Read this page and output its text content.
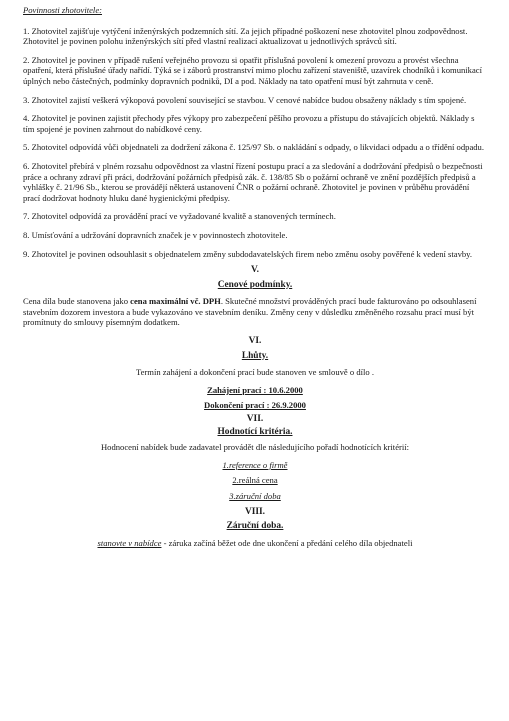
Povinnosti zhotovitele:
1. Zhotovitel zajišťuje vytýčení inženýrských podzemních sítí. Za jejich případné poškození nese zhotovitel plnou zodpovědnost. Zhotovitel je povinen polohu inženýrských sítí před vlastní realizací aktualizovat u jednotlivých správců sítí.
2. Zhotovitel je povinen v případě rušení veřejného provozu si opatřit příslušná povolení k omezení provozu a provést všechna opatření, která příslušné úřady nařídí. Týká se i záborů prostranství mimo plochu zařízení staveniště, uzavírek chodníků i komunikací úplných nebo částečných, podmínky dopravních podniků, DI a pod. Náklady na tato opatření musí být zahrnuta v ceně.
3. Zhotovitel zajistí veškerá výkopová povolení související se stavbou. V cenové nabídce budou obsaženy náklady s tím spojené.
4. Zhotovitel je povinen zajistit přechody přes výkopy pro zabezpečení pěšího provozu a přístupu do stávajících objektů. Náklady s tím spojené je povinen zahrnout do nabídkové ceny.
5. Zhotovitel odpovídá vůči objednateli za dodržení zákona č. 125/97 Sb. o nakládání s odpady, o likvidaci odpadu a o třídění odpadu.
6. Zhotovitel přebírá v plném rozsahu odpovědnost za vlastní řízení postupu prací a za sledování a dodržování předpisů o bezpečnosti práce a ochrany zdraví při práci, dodržování požárních předpisů zák. č. 138/85 Sb o požární ochraně ve znění pozdějších předpisů a vyhlášky č. 21/96 Sb., kterou se provádějí některá ustanovení ČNR o požární ochraně. Zhotovitel je povinen v průběhu provádění prací dodržovat hodnoty hluku dané hygienickými předpisy.
7. Zhotovitel odpovídá za provádění prací ve vyžadované kvalitě a stanovených termínech.
8. Umísťování a udržování dopravních značek je v povinnostech zhotovitele.
9. Zhotovitel je povinen odsouhlasit s objednatelem změny subdodavatelských firem nebo změnu osoby pověřené k vedení stavby.
V.
Cenové podmínky.
Cena díla bude stanovena jako cena maximální vč. DPH. Skutečné množství prováděných prací bude fakturováno po odsouhlasení stavebním dozorem investora a bude vykazováno ve stavebním deníku. Změny ceny v důsledku změněného rozsahu prací musí být promítnuty do smlouvy písemným dodatkem.
VI.
Lhůty.
Termín zahájení a dokončení prací bude stanoven ve smlouvě o dílo .
Zahájení prací : 10.6.2000
Dokončení prací : 26.9.2000
VII.
Hodnotící kritéria.
Hodnocení nabídek bude zadavatel provádět dle následujícího pořadí hodnotících kritérií:
1.reference o firmě
2.reálná cena
3.záruční doba
VIII.
Záruční doba.
stanovte v nabídce - záruka začíná běžet ode dne ukončení a předání celého díla objednateli
